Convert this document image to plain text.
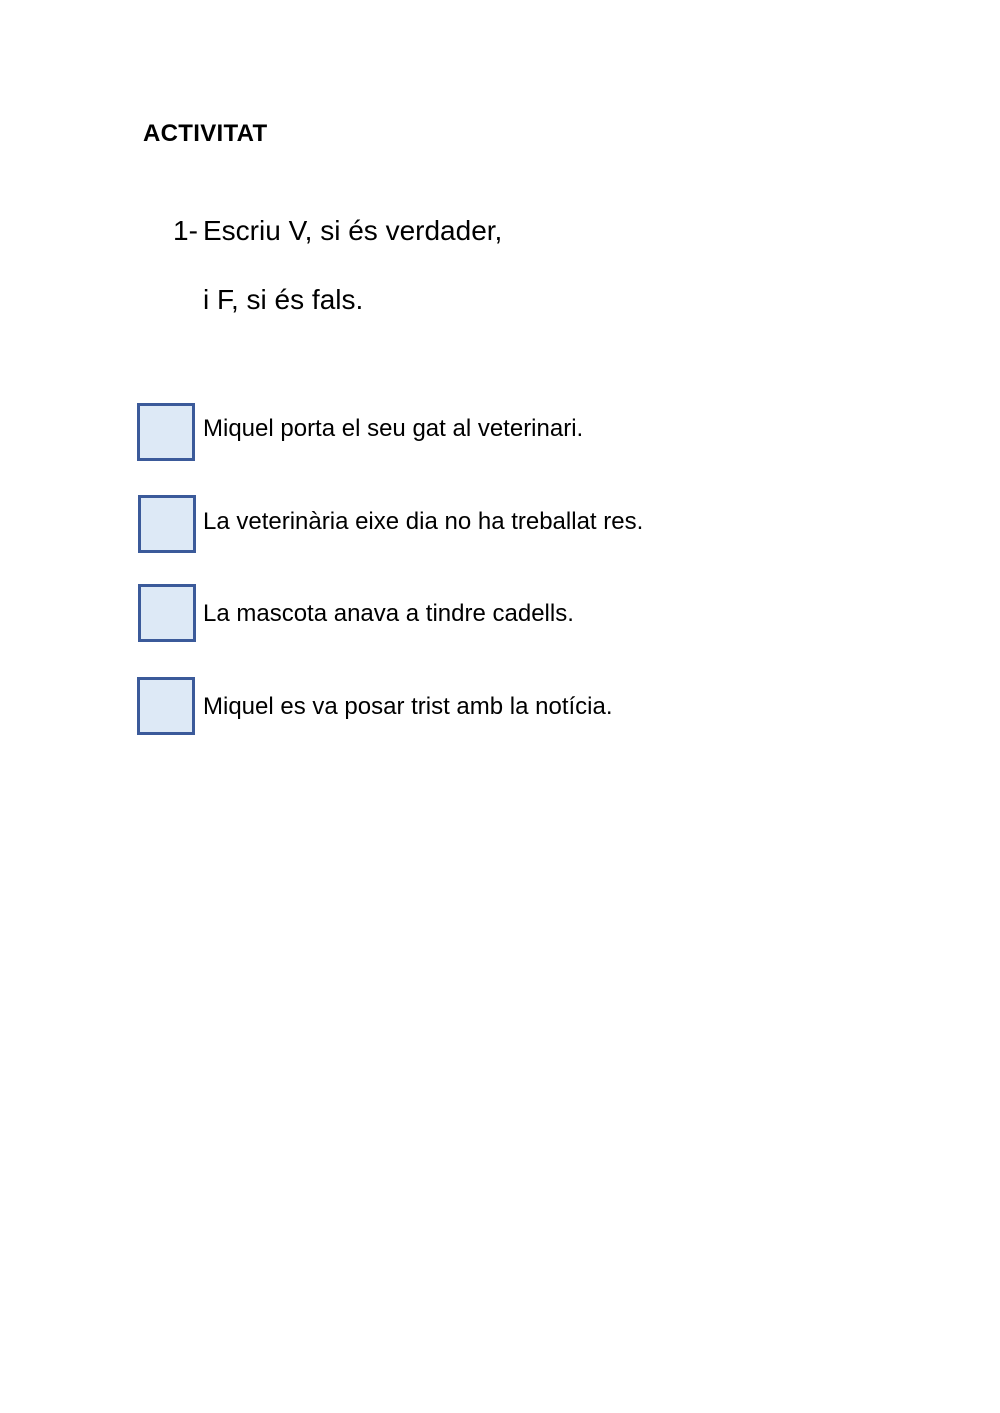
ACTIVITAT
1- Escriu V, si és verdader,
i F, si és fals.
Miquel porta el seu gat al veterinari.
La veterinària eixe dia no ha treballat res.
La mascota anava a tindre cadells.
Miquel es va posar trist amb la notícia.
